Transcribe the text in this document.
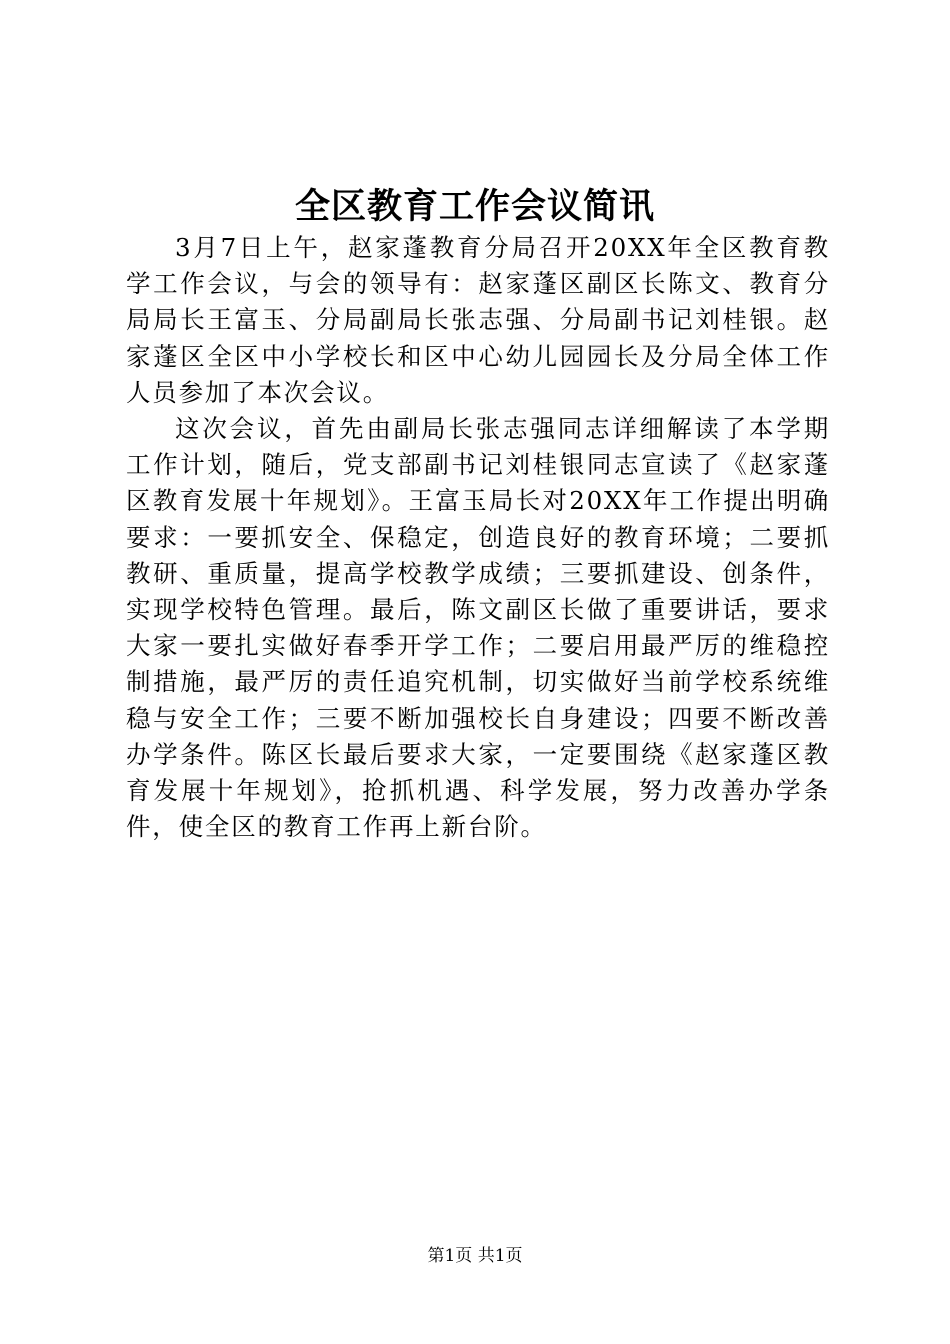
全区教育工作会议简讯

3月7日上午，赵家蓬教育分局召开20XX年全区教育教学工作会议，与会的领导有：赵家蓬区副区长陈文、教育分局局长王富玉、分局副局长张志强、分局副书记刘桂银。赵家蓬区全区中小学校长和区中心幼儿园园长及分局全体工作人员参加了本次会议。

这次会议，首先由副局长张志强同志详细解读了本学期工作计划，随后，党支部副书记刘桂银同志宣读了《赵家蓬区教育发展十年规划》。王富玉局长对20XX年工作提出明确要求：一要抓安全、保稳定，创造良好的教育环境；二要抓教研、重质量，提高学校教学成绩；三要抓建设、创条件，实现学校特色管理。最后，陈文副区长做了重要讲话，要求大家一要扎实做好春季开学工作；二要启用最严厉的维稳控制措施，最严厉的责任追究机制，切实做好当前学校系统维稳与安全工作；三要不断加强校长自身建设；四要不断改善办学条件。陈区长最后要求大家，一定要围绕《赵家蓬区教育发展十年规划》，抢抓机遇、科学发展，努力改善办学条件，使全区的教育工作再上新台阶。

第1页 共1页
